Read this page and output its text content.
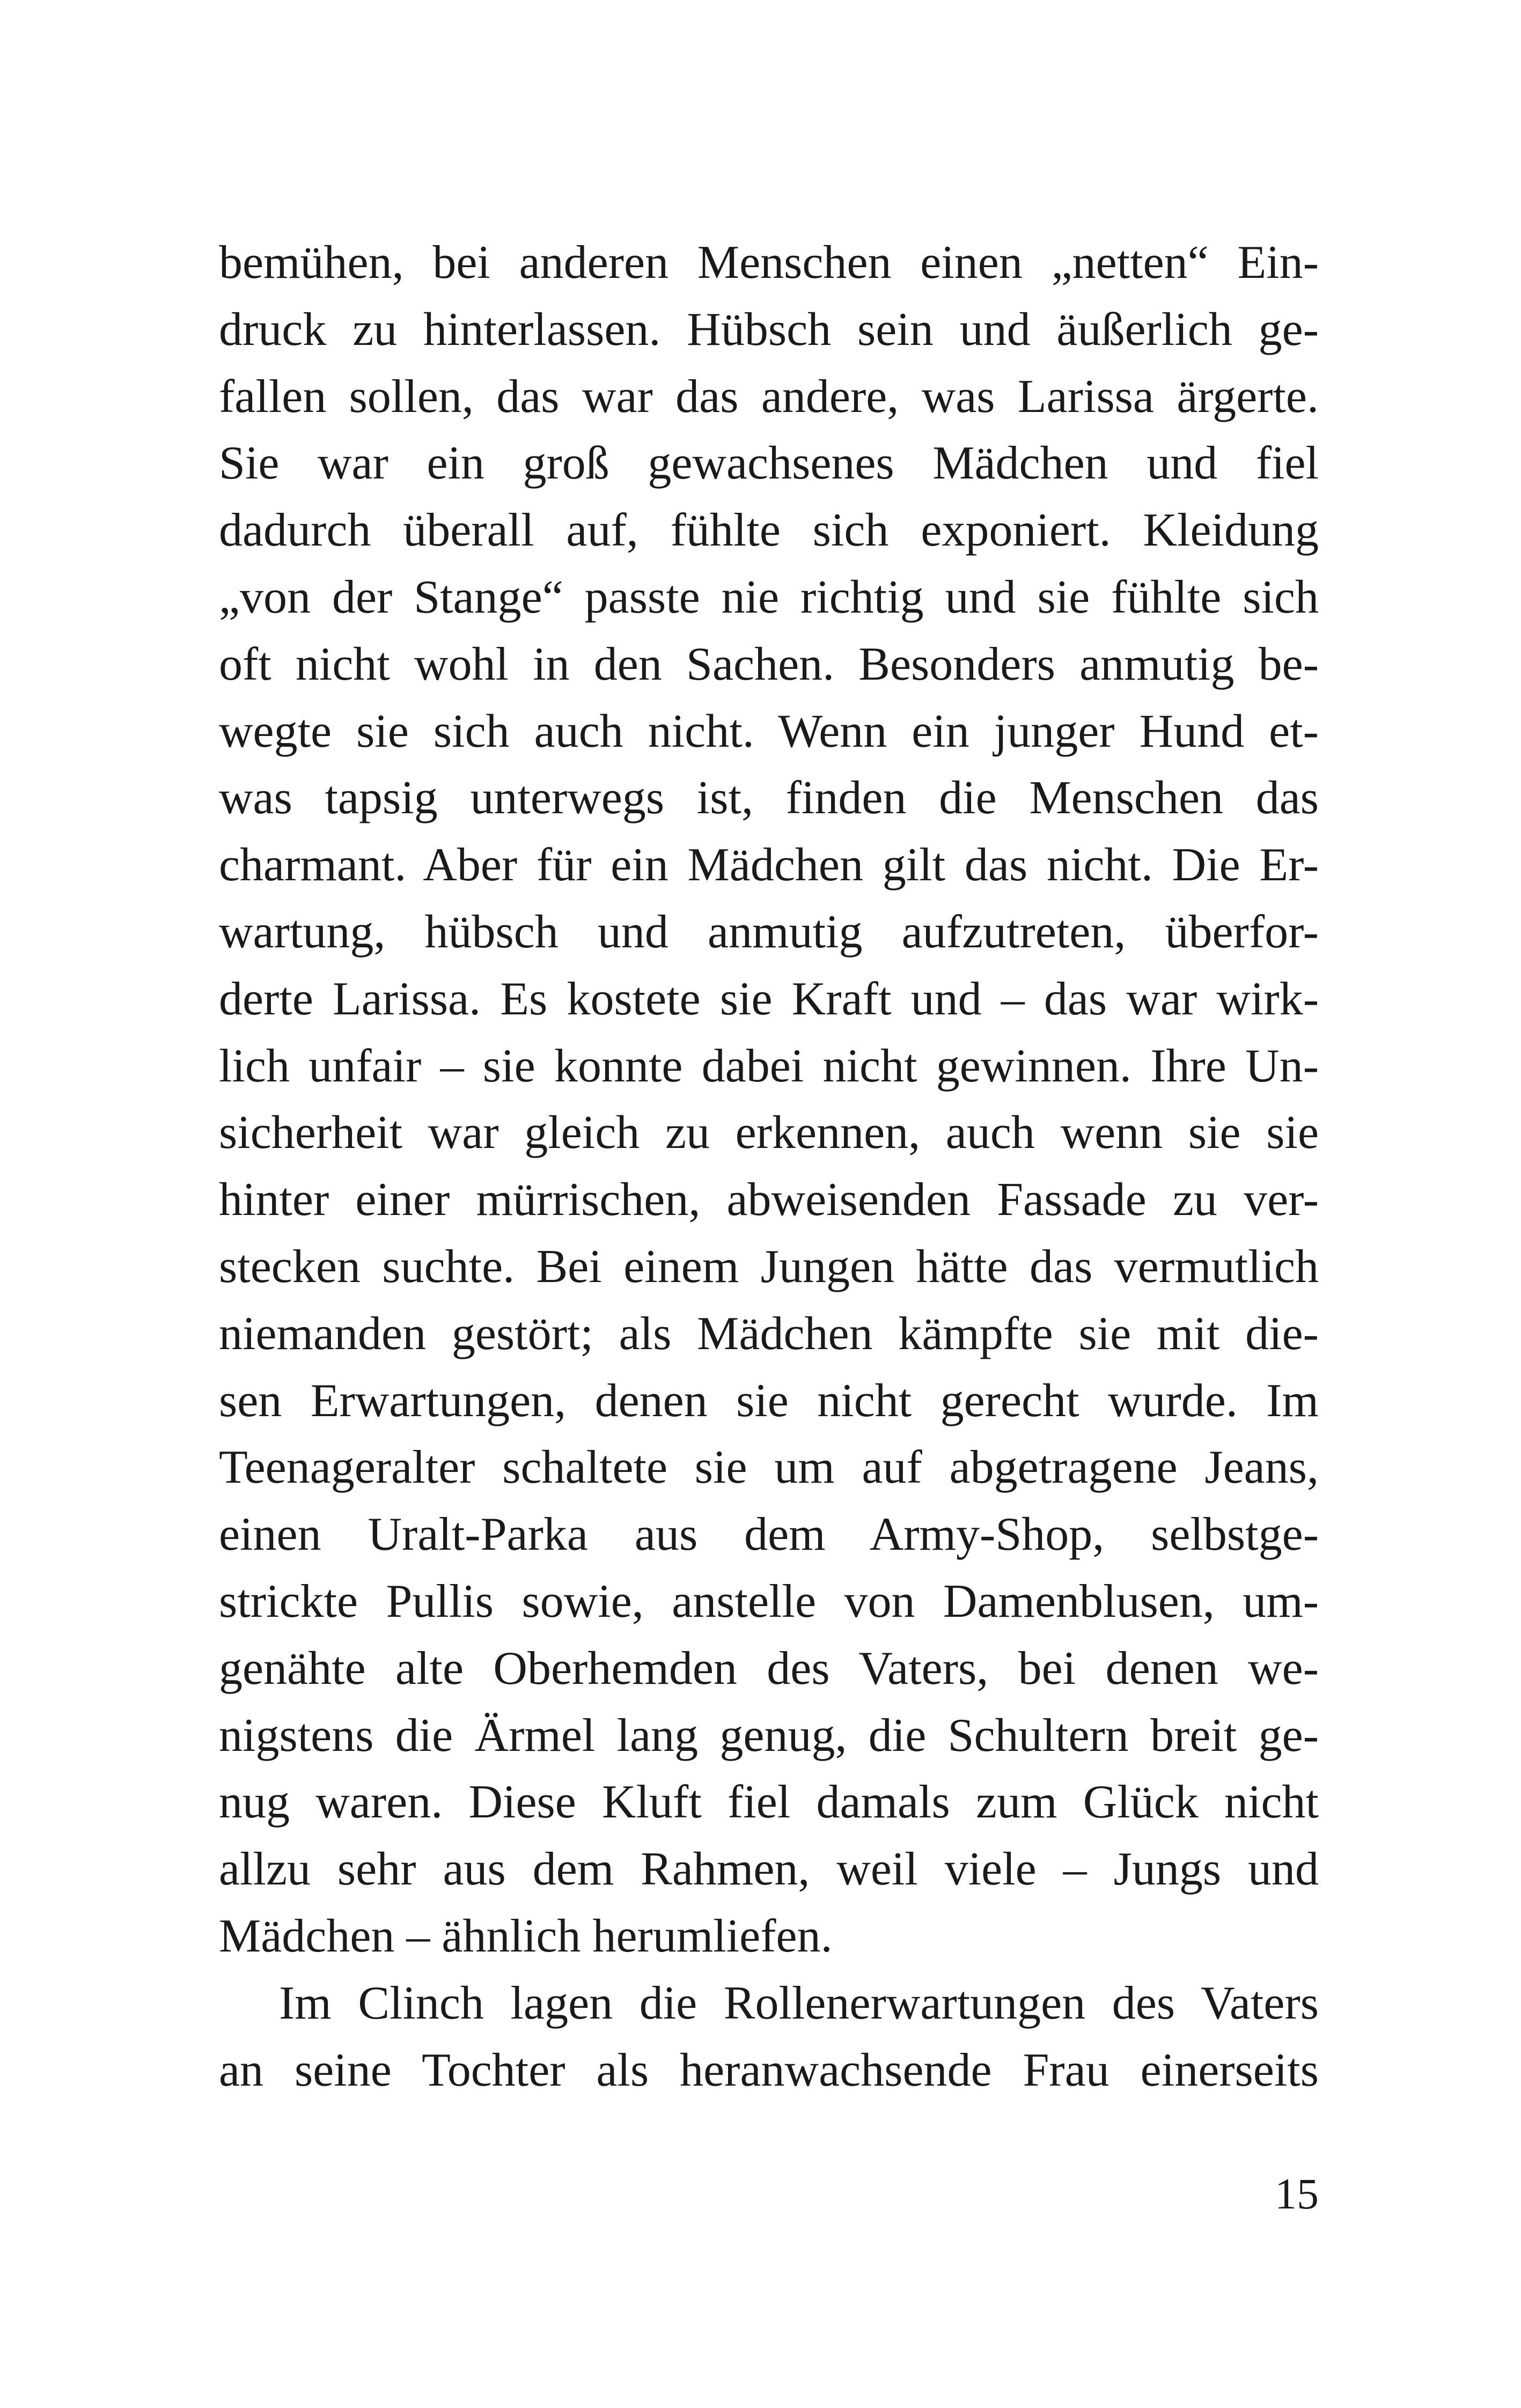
bemühen, bei anderen Menschen einen „netten“ Ein-
druck zu hinterlassen. Hübsch sein und äußerlich ge-
fallen sollen, das war das andere, was Larissa ärgerte.
Sie war ein groß gewachsenes Mädchen und fiel
dadurch überall auf, fühlte sich exponiert. Kleidung
„von der Stange“ passte nie richtig und sie fühlte sich
oft nicht wohl in den Sachen. Besonders anmutig be-
wegte sie sich auch nicht. Wenn ein junger Hund et-
was tapsig unterwegs ist, finden die Menschen das
charmant. Aber für ein Mädchen gilt das nicht. Die Er-
wartung, hübsch und anmutig aufzutreten, überfor-
derte Larissa. Es kostete sie Kraft und – das war wirk-
lich unfair – sie konnte dabei nicht gewinnen. Ihre Un-
sicherheit war gleich zu erkennen, auch wenn sie sie
hinter einer mürrischen, abweisenden Fassade zu ver-
stecken suchte. Bei einem Jungen hätte das vermutlich
niemanden gestört; als Mädchen kämpfte sie mit die-
sen Erwartungen, denen sie nicht gerecht wurde. Im
Teenageralter schaltete sie um auf abgetragene Jeans,
einen Uralt-Parka aus dem Army-Shop, selbstge-
strickte Pullis sowie, anstelle von Damenblusen, um-
genähte alte Oberhemden des Vaters, bei denen we-
nigstens die Ärmel lang genug, die Schultern breit ge-
nug waren. Diese Kluft fiel damals zum Glück nicht
allzu sehr aus dem Rahmen, weil viele – Jungs und
Mädchen – ähnlich herumliefen.
Im Clinch lagen die Rollenerwartungen des Vaters
an seine Tochter als heranwachsende Frau einerseits
15
